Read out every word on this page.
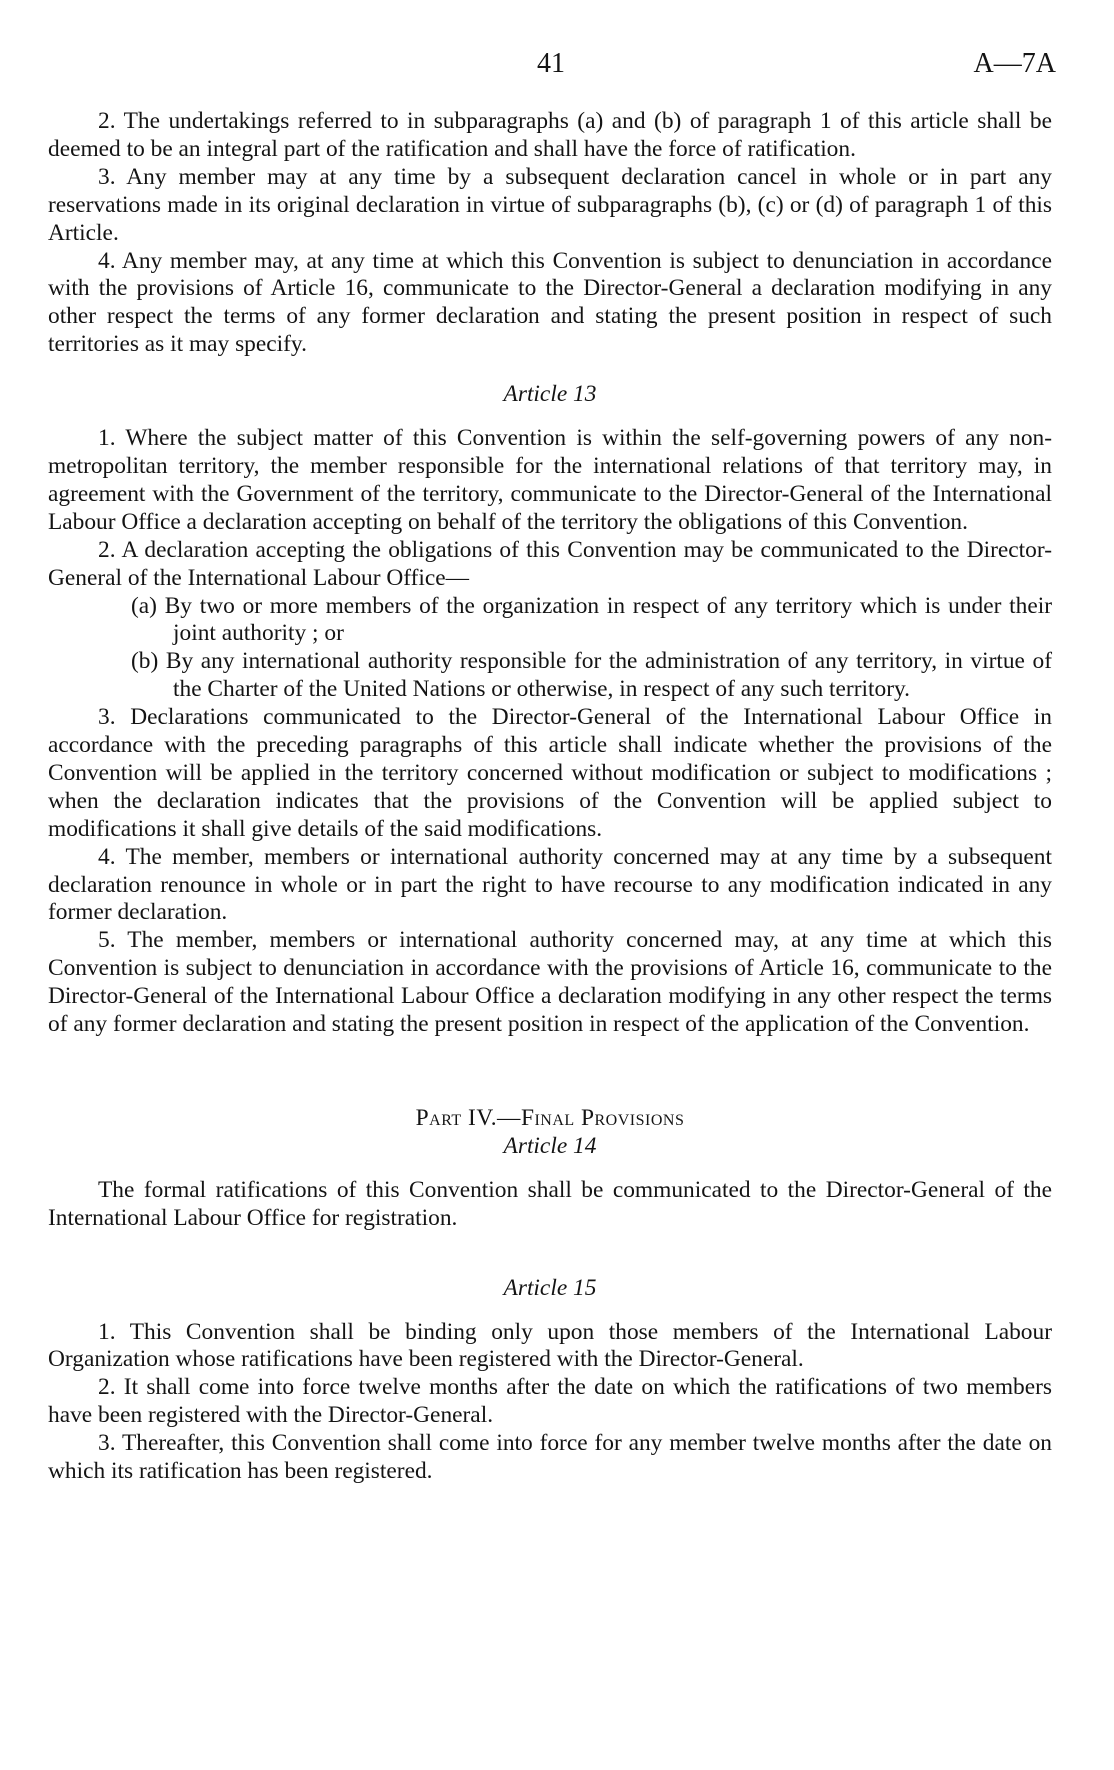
41	A—7A

2. The undertakings referred to in subparagraphs (a) and (b) of paragraph 1 of this article shall be deemed to be an integral part of the ratification and shall have the force of ratification.

3. Any member may at any time by a subsequent declaration cancel in whole or in part any reservations made in its original declaration in virtue of subparagraphs (b), (c) or (d) of paragraph 1 of this Article.

4. Any member may, at any time at which this Convention is subject to denunciation in accordance with the provisions of Article 16, communicate to the Director-General a declaration modifying in any other respect the terms of any former declaration and stating the present position in respect of such territories as it may specify.

Article 13

1. Where the subject matter of this Convention is within the self-governing powers of any non-metropolitan territory, the member responsible for the international relations of that territory may, in agreement with the Government of the territory, communicate to the Director-General of the International Labour Office a declaration accepting on behalf of the territory the obligations of this Convention.

2. A declaration accepting the obligations of this Convention may be communicated to the Director-General of the International Labour Office—

(a) By two or more members of the organization in respect of any territory which is under their joint authority ; or

(b) By any international authority responsible for the administration of any territory, in virtue of the Charter of the United Nations or otherwise, in respect of any such territory.

3. Declarations communicated to the Director-General of the International Labour Office in accordance with the preceding paragraphs of this article shall indicate whether the provisions of the Convention will be applied in the territory concerned without modification or subject to modifications ; when the declaration indicates that the provisions of the Convention will be applied subject to modifications it shall give details of the said modifications.

4. The member, members or international authority concerned may at any time by a subsequent declaration renounce in whole or in part the right to have recourse to any modification indicated in any former declaration.

5. The member, members or international authority concerned may, at any time at which this Convention is subject to denunciation in accordance with the provisions of Article 16, communicate to the Director-General of the International Labour Office a declaration modifying in any other respect the terms of any former declaration and stating the present position in respect of the application of the Convention.

Part IV.—Final Provisions

Article 14

The formal ratifications of this Convention shall be communicated to the Director-General of the International Labour Office for registration.

Article 15

1. This Convention shall be binding only upon those members of the International Labour Organization whose ratifications have been registered with the Director-General.

2. It shall come into force twelve months after the date on which the ratifications of two members have been registered with the Director-General.

3. Thereafter, this Convention shall come into force for any member twelve months after the date on which its ratification has been registered.
